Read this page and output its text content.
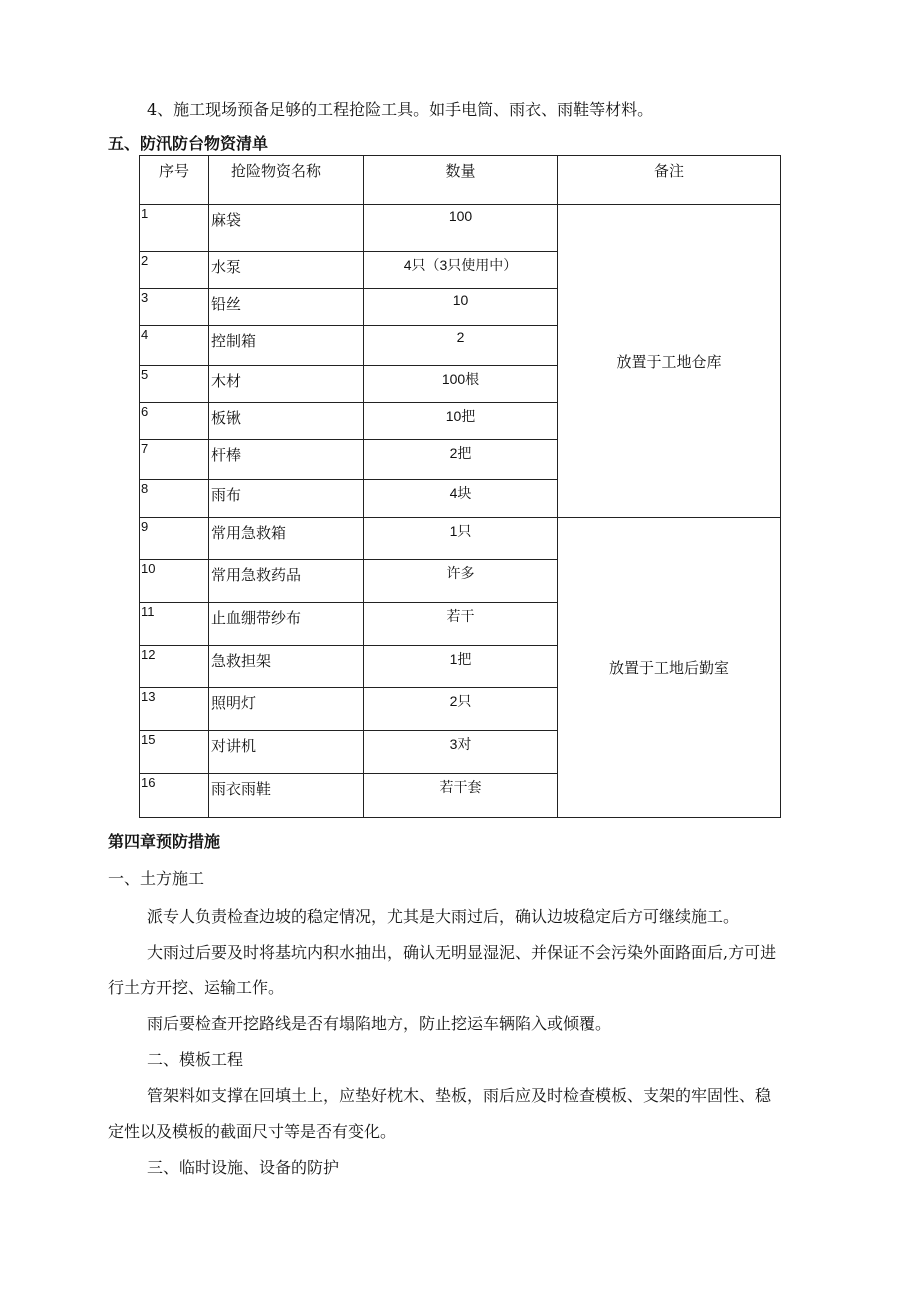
4、施工现场预备足够的工程抢险工具。如手电筒、雨衣、雨鞋等材料。
五、防汛防台物资清单
序号	抢险物资名称	数量	备注
1	麻袋	100	放置于工地仓库
2	水泵	4只（3只使用中）	
3	铅丝	10	
4	控制箱	2	
5	木材	100根	
6	板锹	10把	
7	杆棒	2把	
8	雨布	4块	
9	常用急救箱	1只	放置于工地后勤室
10	常用急救药品	许多	
11	止血绷带纱布	若干	
12	急救担架	1把	
13	照明灯	2只	
15	对讲机	3对	
16	雨衣雨鞋	若干套	
第四章预防措施
一、土方施工
派专人负责检查边坡的稳定情况，尤其是大雨过后，确认边坡稳定后方可继续施工。
大雨过后要及时将基坑内积水抽出，确认无明显湿泥、并保证不会污染外面路面后,方可进
行土方开挖、运输工作。
雨后要检查开挖路线是否有塌陷地方，防止挖运车辆陷入或倾覆。
二、模板工程
管架料如支撑在回填土上，应垫好枕木、垫板，雨后应及时检查模板、支架的牢固性、稳
定性以及模板的截面尺寸等是否有变化。
三、临时设施、设备的防护
